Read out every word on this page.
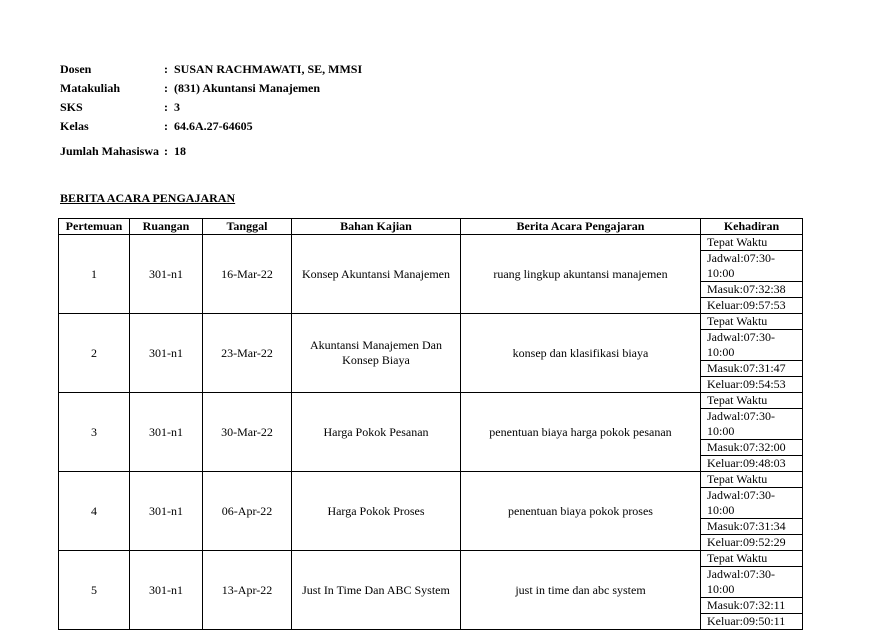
Dosen	: SUSAN RACHMAWATI, SE, MMSI
Matakuliah	: (831) Akuntansi Manajemen
SKS	: 3
Kelas	: 64.6A.27-64605
Jumlah Mahasiswa : 18
BERITA ACARA PENGAJARAN
Pertemuan	Ruangan	Tanggal	Bahan Kajian	Berita Acara Pengajaran	Kehadiran
1	301-n1	16-Mar-22	Konsep Akuntansi Manajemen	ruang lingkup akuntansi manajemen	Tepat Waktu
					Jadwal:07:30-10:00
					Masuk:07:32:38
					Keluar:09:57:53
2	301-n1	23-Mar-22	Akuntansi Manajemen Dan Konsep Biaya	konsep dan klasifikasi biaya	Tepat Waktu
					Jadwal:07:30-10:00
					Masuk:07:31:47
					Keluar:09:54:53
3	301-n1	30-Mar-22	Harga Pokok Pesanan	penentuan biaya harga pokok pesanan	Tepat Waktu
					Jadwal:07:30-10:00
					Masuk:07:32:00
					Keluar:09:48:03
4	301-n1	06-Apr-22	Harga Pokok Proses	penentuan biaya pokok proses	Tepat Waktu
					Jadwal:07:30-10:00
					Masuk:07:31:34
					Keluar:09:52:29
5	301-n1	13-Apr-22	Just In Time Dan ABC System	just in time dan abc system	Tepat Waktu
					Jadwal:07:30-10:00
					Masuk:07:32:11
					Keluar:09:50:11
